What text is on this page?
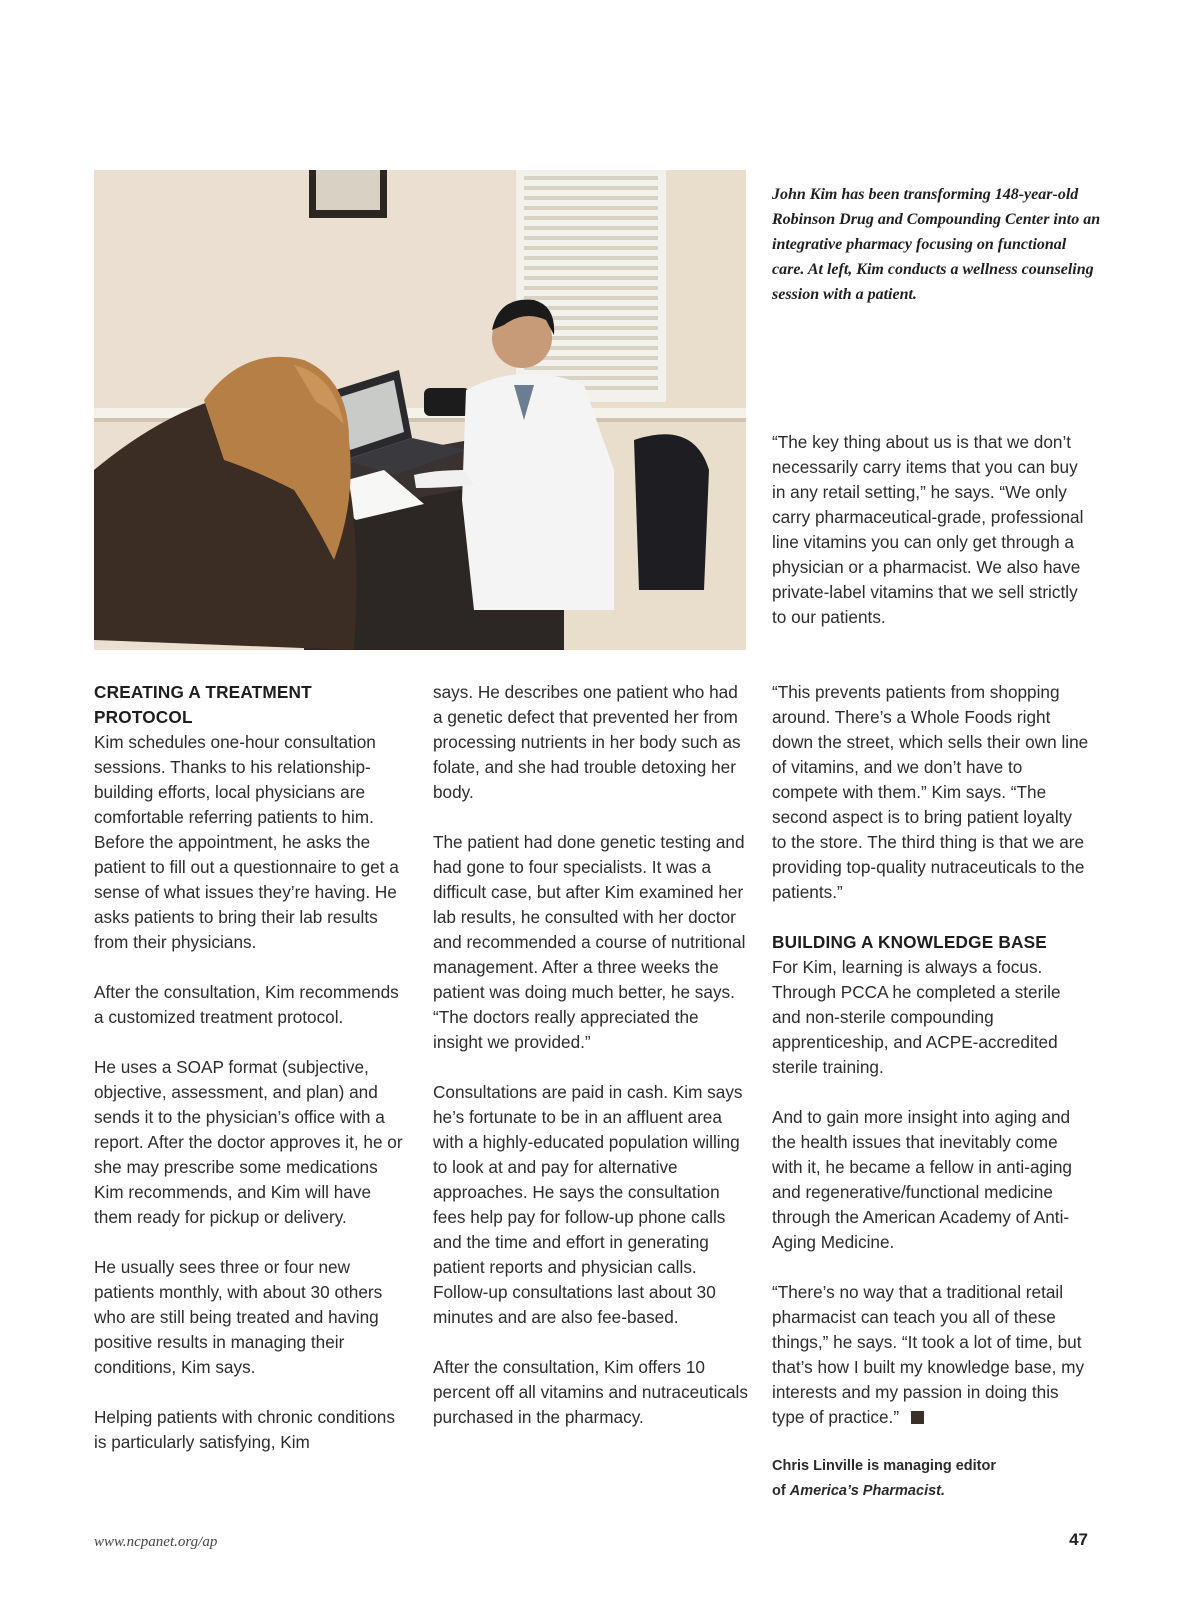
John Kim has been transforming 148-year-old Robinson Drug and Compounding Center into an integrative pharmacy focusing on functional care. At left, Kim conducts a wellness counseling session with a patient.

CREATING A TREATMENT PROTOCOL

Kim schedules one-hour consultation sessions. Thanks to his relationship-building efforts, local physicians are comfortable referring patients to him. Before the appointment, he asks the patient to fill out a questionnaire to get a sense of what issues they’re having. He asks patients to bring their lab results from their physicians.

After the consultation, Kim recommends a customized treatment protocol.

He uses a SOAP format (subjective, objective, assessment, and plan) and sends it to the physician’s office with a report. After the doctor approves it, he or she may prescribe some medications Kim recommends, and Kim will have them ready for pickup or delivery.

He usually sees three or four new patients monthly, with about 30 others who are still being treated and having positive results in managing their conditions, Kim says.

Helping patients with chronic conditions is particularly satisfying, Kim

says. He describes one patient who had a genetic defect that prevented her from processing nutrients in her body such as folate, and she had trouble detoxing her body.

The patient had done genetic testing and had gone to four specialists. It was a difficult case, but after Kim examined her lab results, he consulted with her doctor and recommended a course of nutritional management. After a three weeks the patient was doing much better, he says. “The doctors really appreciated the insight we provided.”

Consultations are paid in cash. Kim says he’s fortunate to be in an affluent area with a highly-educated population willing to look at and pay for alternative approaches. He says the consultation fees help pay for follow-up phone calls and the time and effort in generating patient reports and physician calls. Follow-up consultations last about 30 minutes and are also fee-based.

After the consultation, Kim offers 10 percent off all vitamins and nutraceuticals purchased in the pharmacy.

“The key thing about us is that we don’t necessarily carry items that you can buy in any retail setting,” he says. “We only carry pharmaceutical-grade, professional line vitamins you can only get through a physician or a pharmacist. We also have private-label vitamins that we sell strictly to our patients.

“This prevents patients from shopping around. There’s a Whole Foods right down the street, which sells their own line of vitamins, and we don’t have to compete with them.” Kim says. “The second aspect is to bring patient loyalty to the store. The third thing is that we are providing top-quality nutraceuticals to the patients.”

BUILDING A KNOWLEDGE BASE

For Kim, learning is always a focus. Through PCCA he completed a sterile and non-sterile compounding apprenticeship, and ACPE-accredited sterile training.

And to gain more insight into aging and the health issues that inevitably come with it, he became a fellow in anti-aging and regenerative/functional medicine through the American Academy of Anti-Aging Medicine.

“There’s no way that a traditional retail pharmacist can teach you all of these things,” he says. “It took a lot of time, but that’s how I built my knowledge base, my interests and my passion in doing this type of practice.”

Chris Linville is managing editor
of America’s Pharmacist.
www.ncpanet.org/ap	47
